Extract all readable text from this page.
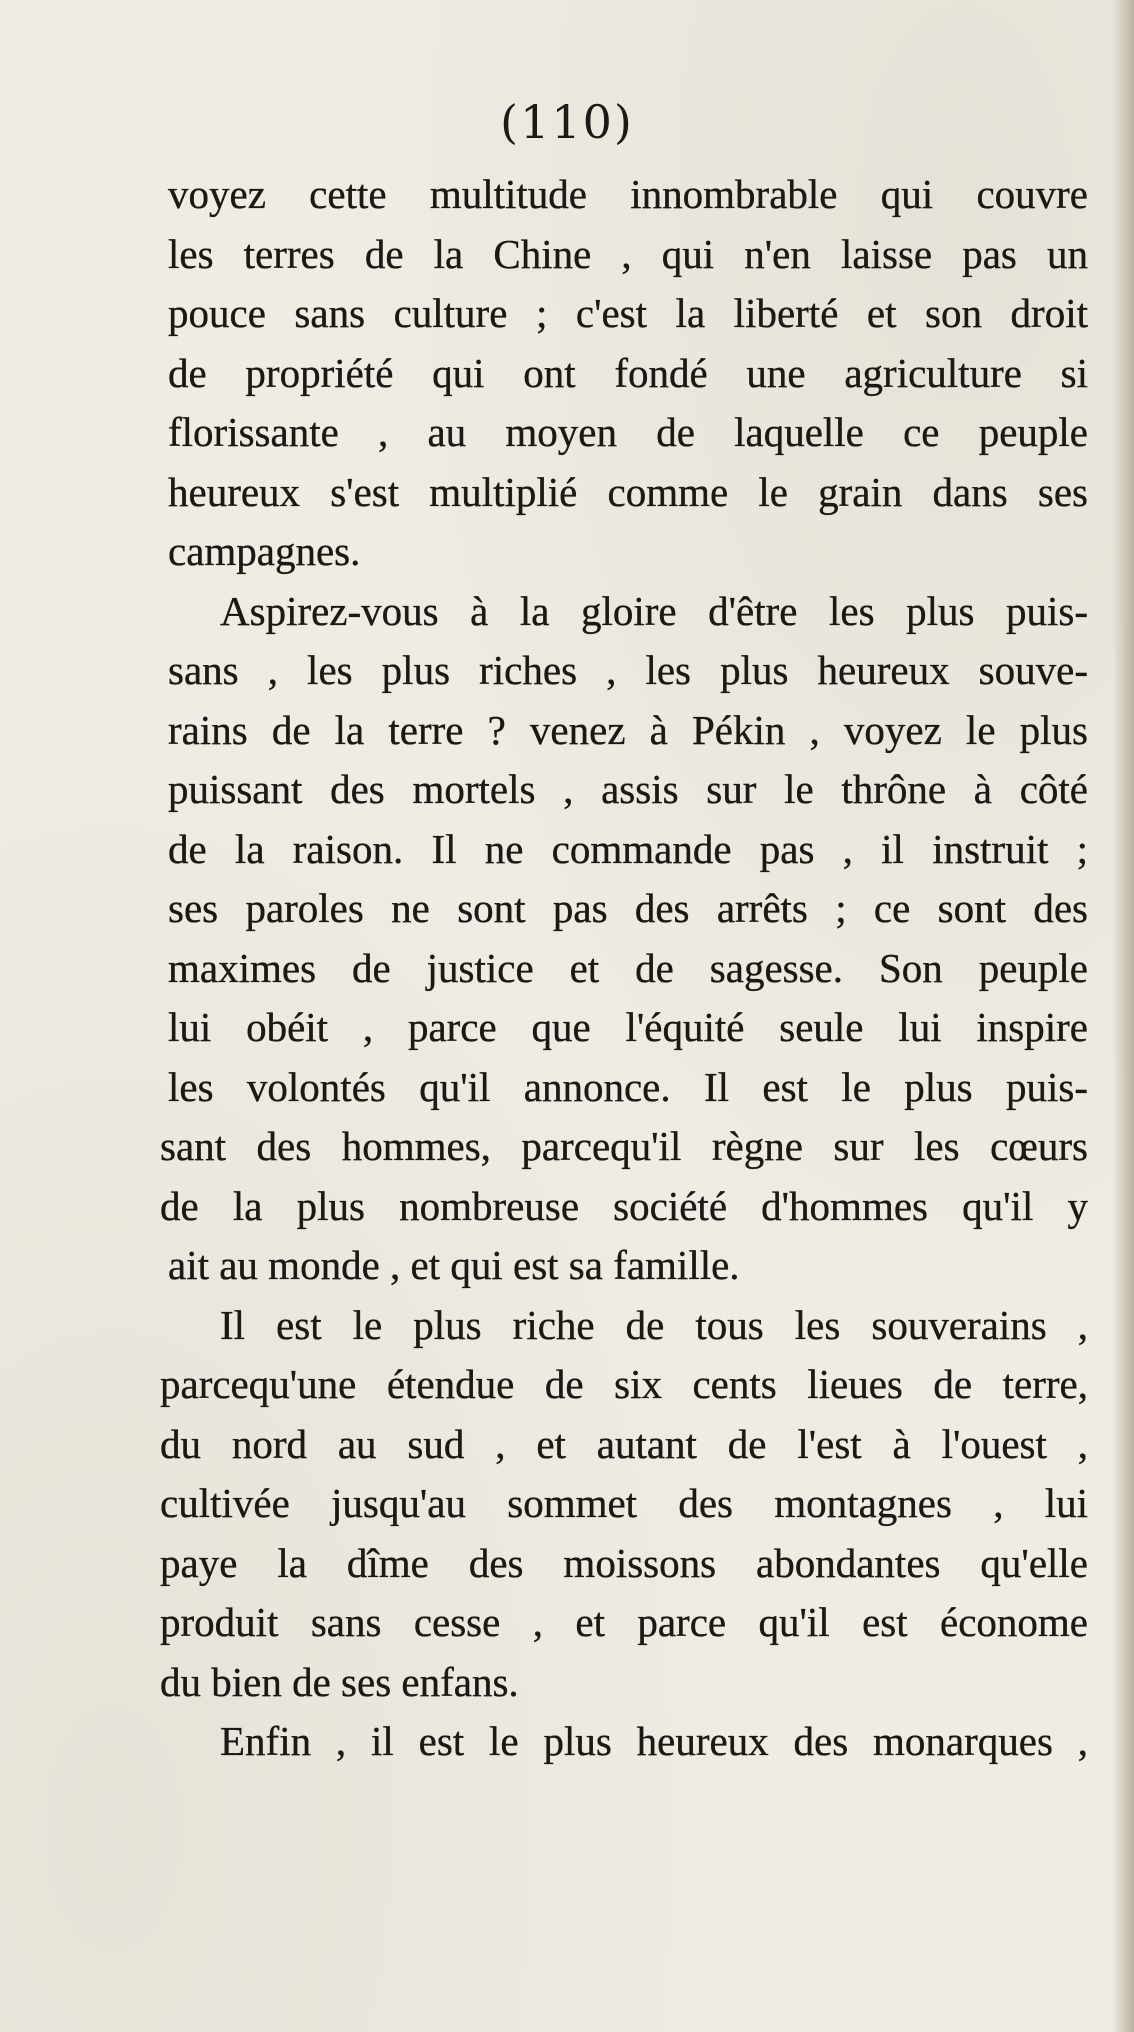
(110)
voyez cette multitude innombrable qui couvre
les terres de la Chine , qui n'en laisse pas un
pouce sans culture ; c'est la liberté et son droit
de propriété qui ont fondé une agriculture si
florissante , au moyen de laquelle ce peuple
heureux s'est multiplié comme le grain dans ses
campagnes.
Aspirez-vous à la gloire d'être les plus puis-
sans , les plus riches , les plus heureux souve-
rains de la terre ? venez à Pékin , voyez le plus
puissant des mortels , assis sur le thrône à côté
de la raison. Il ne commande pas , il instruit ;
ses paroles ne sont pas des arrêts ; ce sont des
maximes de justice et de sagesse. Son peuple
lui obéit , parce que l'équité seule lui inspire
les volontés qu'il annonce. Il est le plus puis-
sant des hommes, parcequ'il règne sur les cœurs
de la plus nombreuse société d'hommes qu'il y
ait au monde , et qui est sa famille.
Il est le plus riche de tous les souverains ,
parcequ'une étendue de six cents lieues de terre,
du nord au sud , et autant de l'est à l'ouest ,
cultivée jusqu'au sommet des montagnes , lui
paye la dîme des moissons abondantes qu'elle
produit sans cesse , et parce qu'il est économe
du bien de ses enfans.
Enfin , il est le plus heureux des monarques ,
